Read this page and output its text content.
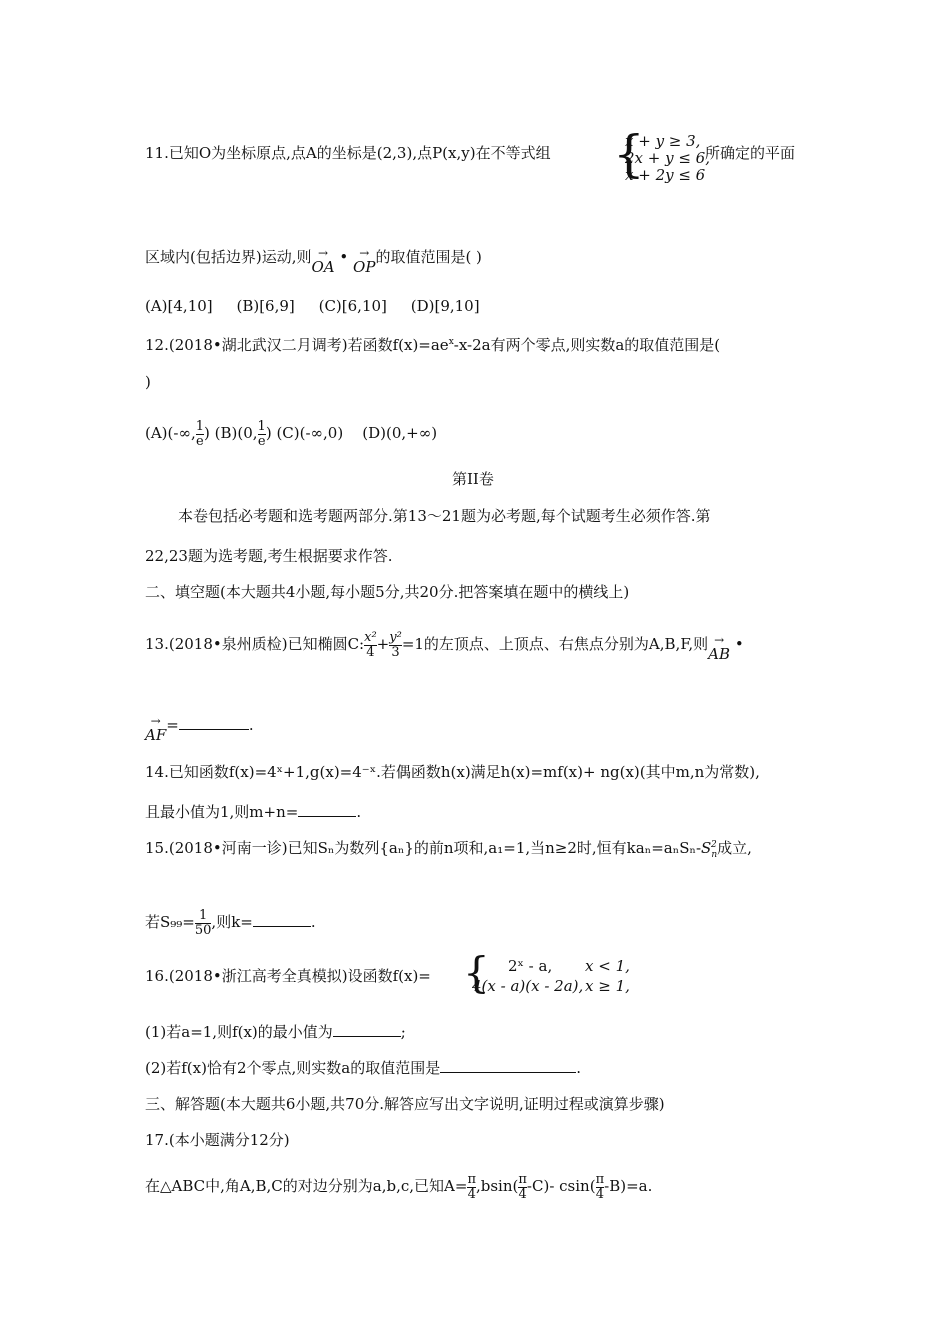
11.已知O为坐标原点,点A的坐标是(2,3),点P(x,y)在不等式组 {
x + y ≥ 3,
2x + y ≤ 6,
x + 2y ≤ 6
所确定的平面
区域内(包括边界)运动,则 →
OA
• →
OP
的取值范围是( )
(A)[4,10]     (B)[6,9]     (C)[6,10]     (D)[9,10]
12.(2018•湖北武汉二月调考)若函数$f(x)=ae^x-x-2a$有两个零点,则实数a的取值范围是(
)
(A)(-∞, $\frac{1}{e}$ ) (B)(0, $\frac{1}{e}$ ) (C)(-∞,0)    (D)(0,+∞)
第II卷
本卷包括必考题和选考题两部分.第13～21题为必考题,每个试题考生必须作答.第
22,23题为选考题,考生根据要求作答.
二、填空题(本大题共4小题,每小题5分,共20分.把答案填在题中的横线上)
13.(2018•泉州质检)已知椭圆C: $\frac{\text{x²}}{4} + \frac{\text{y²}}{3} =1$的左顶点、上顶点、右焦点分别为A,B,F,则 →
AB
•
→
AF
=	.
14.已知函数f(x)=4ˣ+1,g(x)=4⁻ˣ.若偶函数h(x)满足h(x)=mf(x)+ ng(x)(其中m,n为常数),
且最小值为1,则m+n=	.
15.(2018•河南一诊)已知Sₙ为数列{aₙ}的前n项和,a₁=1,当n≥2时,恒有$ka_n=a_nS_n-S_n$
2 成立,
若$S_{99}= \frac{1}{50}$ ,则k=	.
16.(2018•浙江高考全真模拟)设函数f(x)= { 2ˣ - a, x < 1,
4(x - a)(x - 2a), x ≥ 1,
(1)若a=1,则f(x)的最小值为	;
(2)若f(x)恰有2个零点,则实数a的取值范围是	.
三、解答题(本大题共6小题,共70分.解答应写出文字说明,证明过程或演算步骤)
17.(本小题满分12分)
在△ABC中,角A,B,C的对边分别为a,b,c,已知$A= \frac{\pi}{4} ,bsin( \frac{\pi}{4} -C)-$ $csin( \frac{\pi}{4} -B)=a$.
